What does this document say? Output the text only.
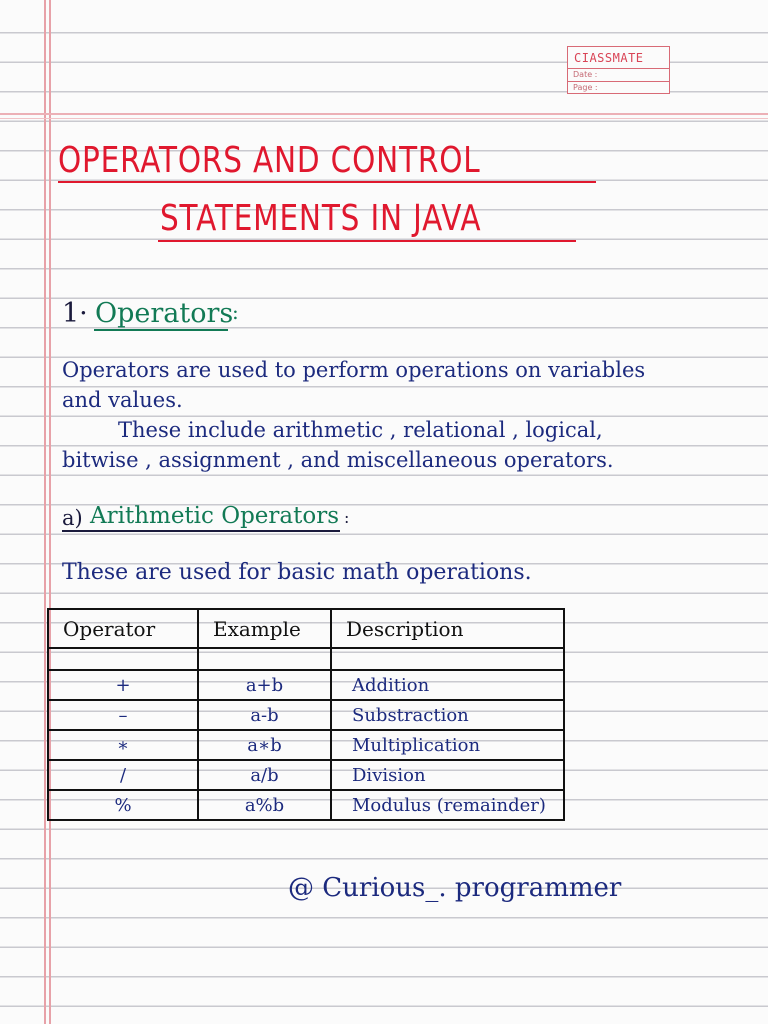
CIASSMATE
Date :
Page :
OPERATORS AND CONTROL
STATEMENTS IN JAVA
1· Operators
:
Operators are used to perform operations on variables
and values.
These include arithmetic , relational , logical,
bitwise , assignment , and miscellaneous operators.
a) Arithmetic Operators :
These are used for basic math operations.
Operator	Example	Description

+	a+b	Addition
–	a-b	Substraction
∗	a∗b	Multiplication
/	a/b	Division
%	a%b	Modulus (remainder)
@ Curious_. programmer
